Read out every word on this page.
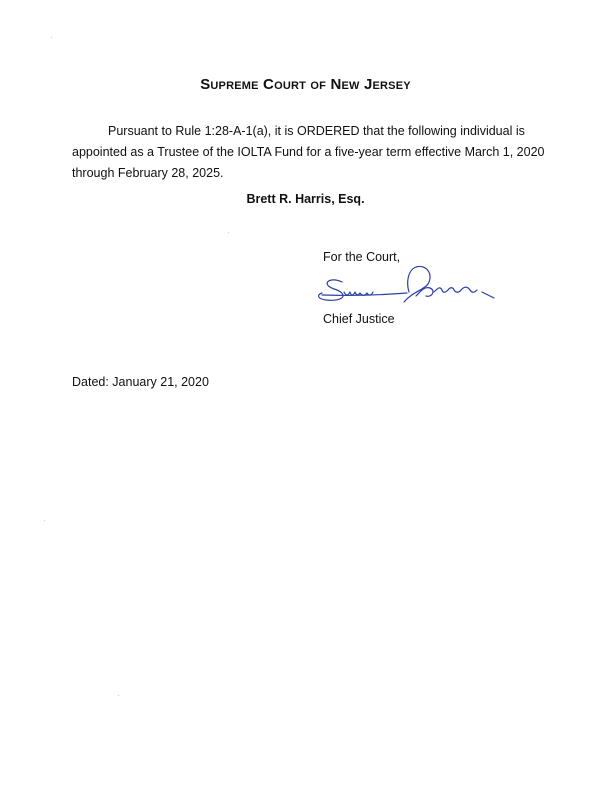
Supreme Court of New Jersey
Pursuant to Rule 1:28-A-1(a), it is ORDERED that the following individual is appointed as a Trustee of the IOLTA Fund for a five-year term effective March 1, 2020 through February 28, 2025.
Brett R. Harris, Esq.
For the Court,
Chief Justice
Dated: January 21, 2020
